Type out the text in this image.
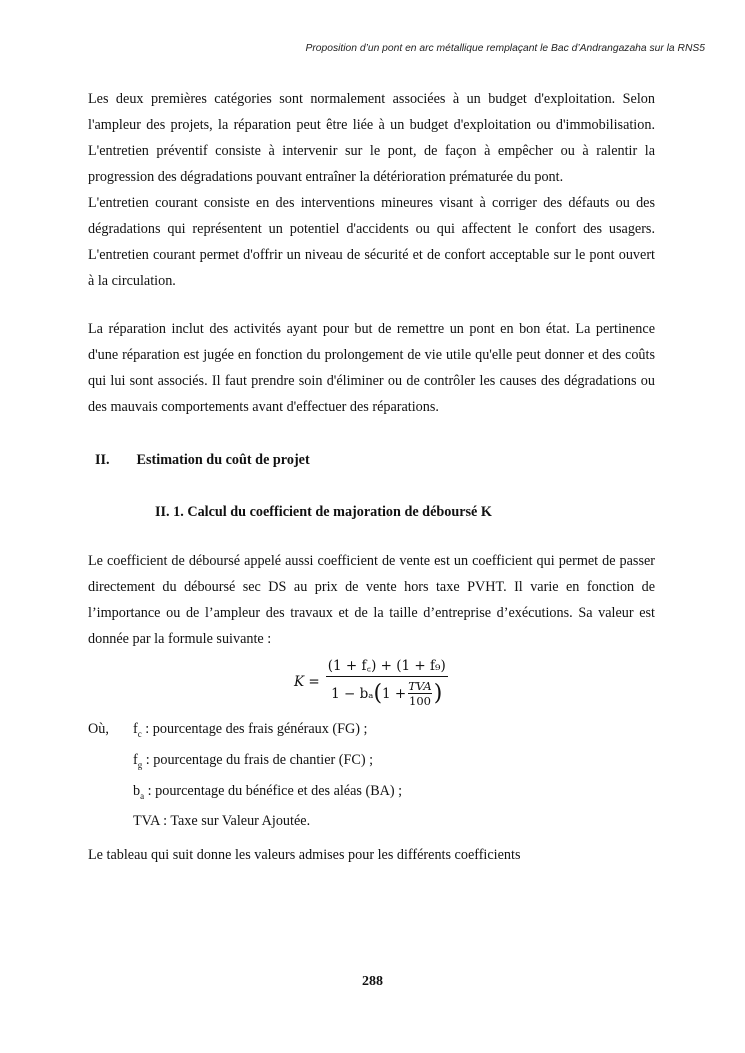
Proposition d’un pont en arc métallique remplaçant le Bac d’Andrangazaha sur la RNS5
Les deux premières catégories sont normalement associées à un budget d'exploitation. Selon l'ampleur des projets, la réparation peut être liée à un budget d'exploitation ou d'immobilisation. L'entretien préventif consiste à intervenir sur le pont, de façon à empêcher ou à ralentir la progression des dégradations pouvant entraîner la détérioration prématurée du pont.
L'entretien courant consiste en des interventions mineures visant à corriger des défauts ou des dégradations qui représentent un potentiel d'accidents ou qui affectent le confort des usagers. L'entretien courant permet d'offrir un niveau de sécurité et de confort acceptable sur le pont ouvert à la circulation.

La réparation inclut des activités ayant pour but de remettre un pont en bon état. La pertinence d'une réparation est jugée en fonction du prolongement de vie utile qu'elle peut donner et des coûts qui lui sont associés. Il faut prendre soin d'éliminer ou de contrôler les causes des dégradations ou des mauvais comportements avant d'effectuer des réparations.

II. Estimation du coût de projet
II. 1. Calcul du coefficient de majoration de déboursé K

Le coefficient de déboursé appelé aussi coefficient de vente est un coefficient qui permet de passer directement du déboursé sec DS au prix de vente hors taxe PVHT. Il varie en fonction de l’importance ou de l’ampleur des travaux et de la taille d’entreprise d’exécutions. Sa valeur est donnée par la formule suivante :

K =
(1 + f꜀) + (1 + f₉)
1 − bₐ ( $1 + \frac{\text{TVA}}{100}$ )
Où,	$f_c$ : pourcentage des frais généraux (FG) ;
$f_g$ : pourcentage du frais de chantier (FC) ;
$b_a$ : pourcentage du bénéfice et des aléas (BA) ;
TVA : Taxe sur Valeur Ajoutée.

Le tableau qui suit donne les valeurs admises pour les différents coefficients

288
